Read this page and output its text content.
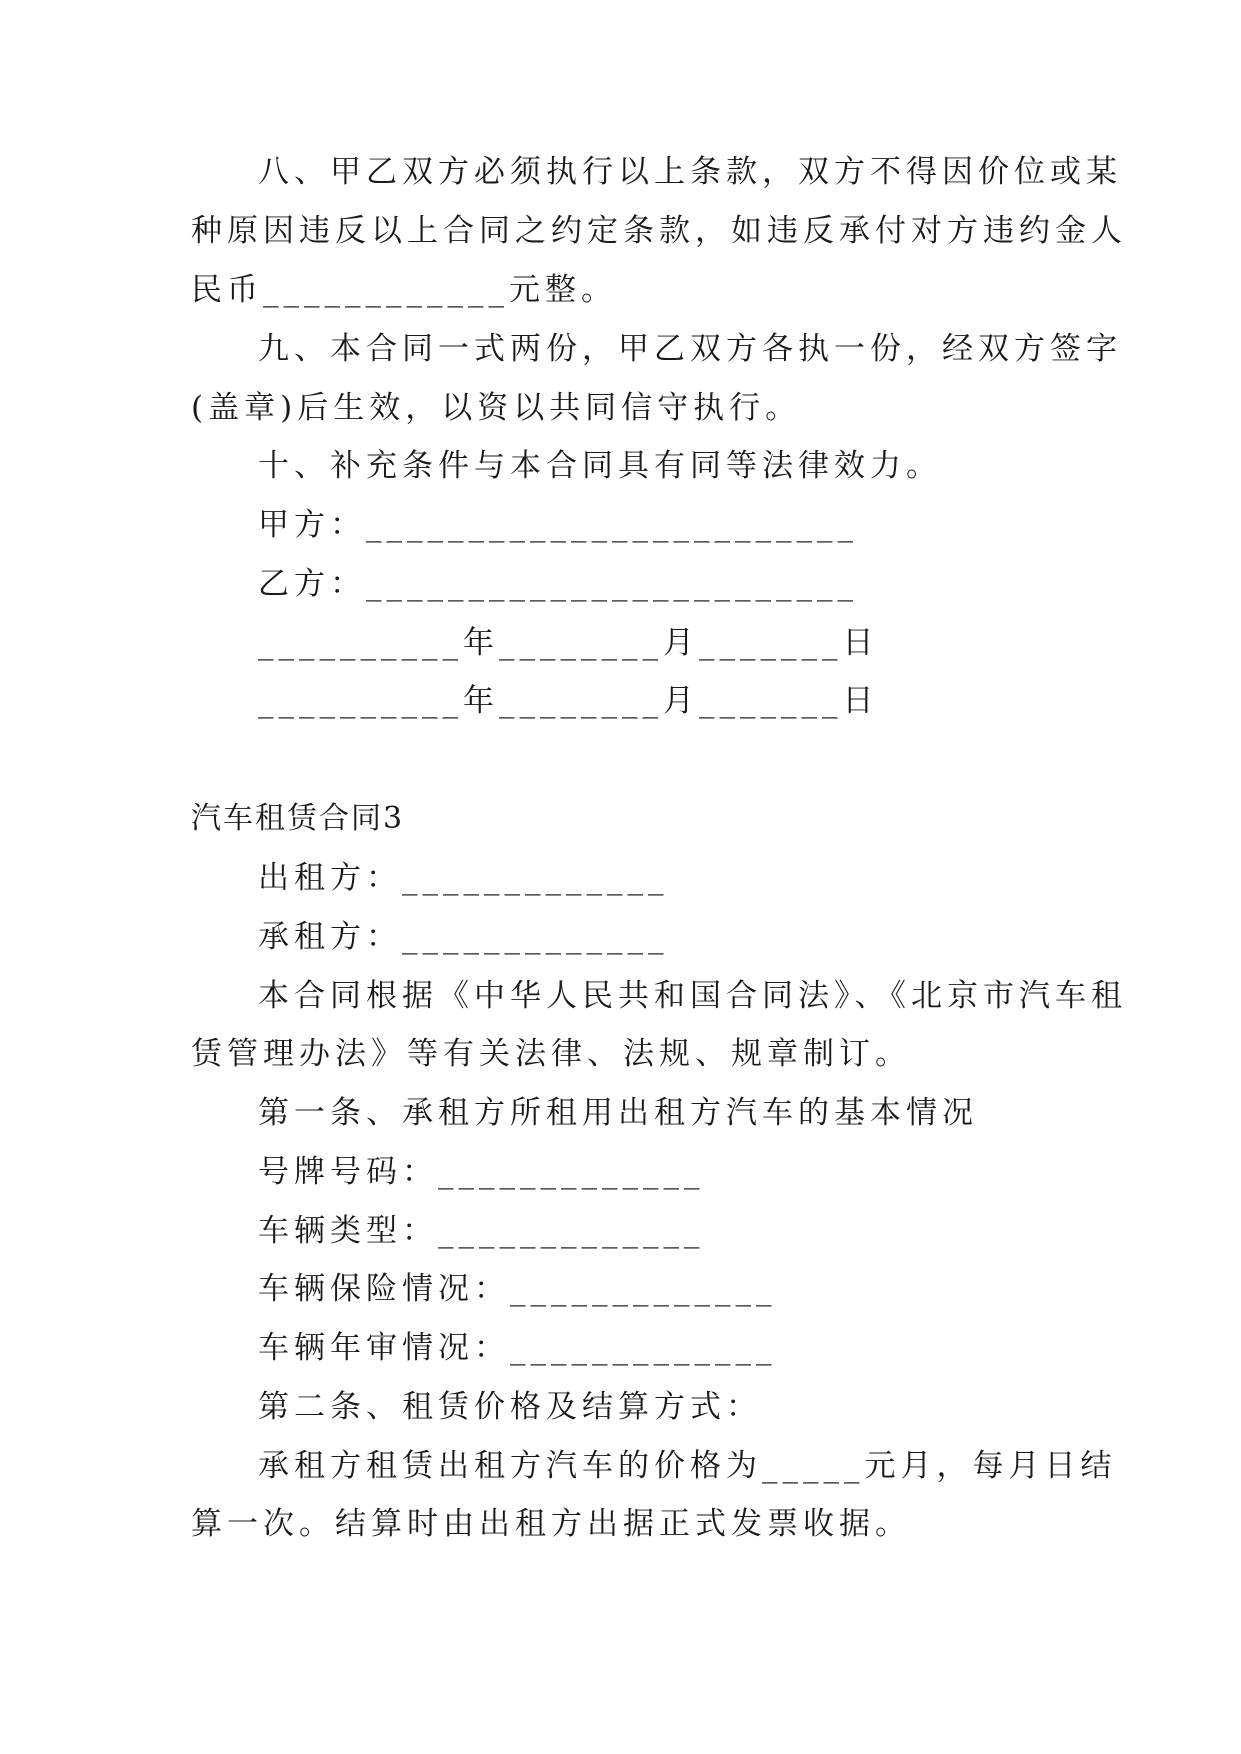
八、甲乙双方必须执行以上条款，双方不得因价位或某
种原因违反以上合同之约定条款，如违反承付对方违约金人
民币____________元整。
九、本合同一式两份，甲乙双方各执一份，经双方签字
(盖章)后生效，以资以共同信守执行。
十、补充条件与本合同具有同等法律效力。
甲方：________________________
乙方：________________________
__________年________月_______日
__________年________月_______日
汽车租赁合同3
出租方：_____________
承租方：_____________
本合同根据《中华人民共和国合同法》、《北京市汽车租
赁管理办法》等有关法律、法规、规章制订。
第一条、承租方所租用出租方汽车的基本情况
号牌号码：_____________
车辆类型：_____________
车辆保险情况：_____________
车辆年审情况：_____________
第二条、租赁价格及结算方式：
承租方租赁出租方汽车的价格为_____元月，每月日结
算一次。结算时由出租方出据正式发票收据。
